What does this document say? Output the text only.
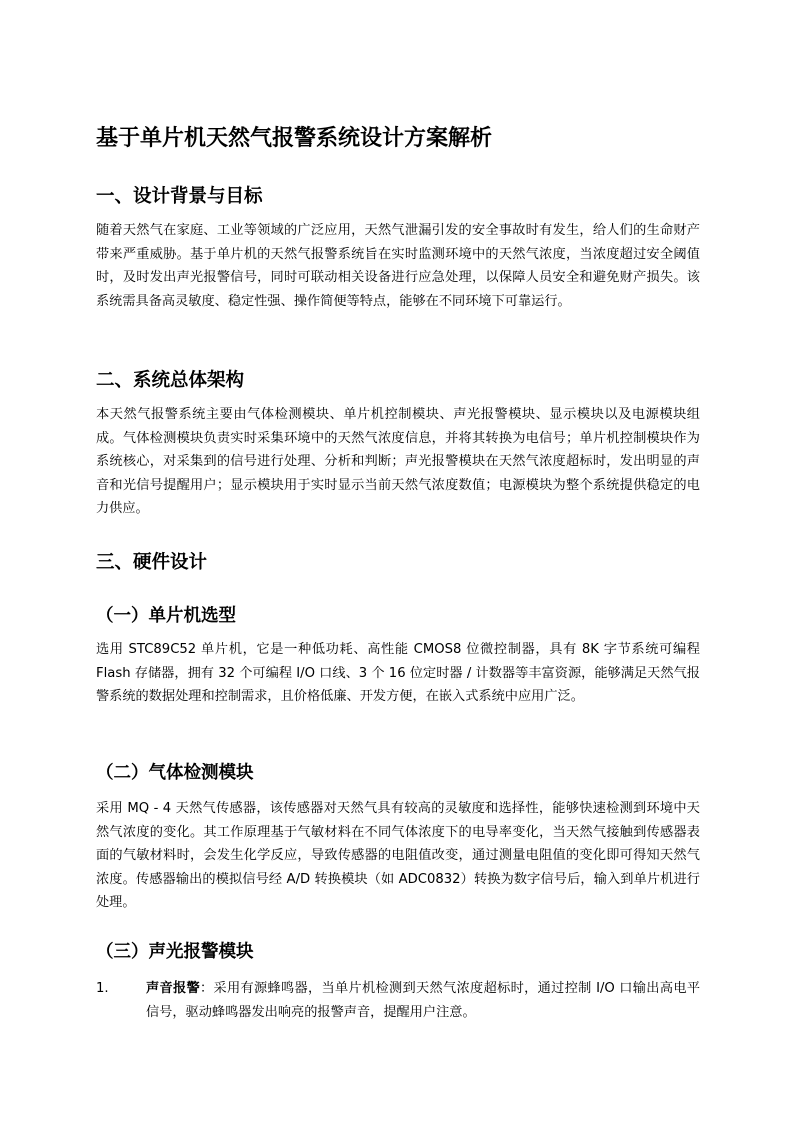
基于单片机天然气报警系统设计方案解析
一、设计背景与目标

随着天然气在家庭、工业等领域的广泛应用，天然气泄漏引发的安全事故时有发生，给人们的生命财产带来严重威胁。基于单片机的天然气报警系统旨在实时监测环境中的天然气浓度，当浓度超过安全阈值时，及时发出声光报警信号，同时可联动相关设备进行应急处理，以保障人员安全和避免财产损失。该系统需具备高灵敏度、稳定性强、操作简便等特点，能够在不同环境下可靠运行。

二、系统总体架构

本天然气报警系统主要由气体检测模块、单片机控制模块、声光报警模块、显示模块以及电源模块组成。气体检测模块负责实时采集环境中的天然气浓度信息，并将其转换为电信号；单片机控制模块作为系统核心，对采集到的信号进行处理、分析和判断；声光报警模块在天然气浓度超标时，发出明显的声音和光信号提醒用户；显示模块用于实时显示当前天然气浓度数值；电源模块为整个系统提供稳定的电力供应。

三、硬件设计
（一）单片机选型

选用 STC89C52 单片机，它是一种低功耗、高性能 CMOS8 位微控制器，具有 8K 字节系统可编程 Flash 存储器，拥有 32 个可编程 I/O 口线、3 个 16 位定时器 / 计数器等丰富资源，能够满足天然气报警系统的数据处理和控制需求，且价格低廉、开发方便，在嵌入式系统中应用广泛。

（二）气体检测模块

采用 MQ - 4 天然气传感器，该传感器对天然气具有较高的灵敏度和选择性，能够快速检测到环境中天然气浓度的变化。其工作原理基于气敏材料在不同气体浓度下的电导率变化，当天然气接触到传感器表面的气敏材料时，会发生化学反应，导致传感器的电阻值改变，通过测量电阻值的变化即可得知天然气浓度。传感器输出的模拟信号经 A/D 转换模块（如 ADC0832）转换为数字信号后，输入到单片机进行处理。

（三）声光报警模块
1.	声音报警：采用有源蜂鸣器，当单片机检测到天然气浓度超标时，通过控制 I/O 口输出高电平信号，驱动蜂鸣器发出响亮的报警声音，提醒用户注意。
